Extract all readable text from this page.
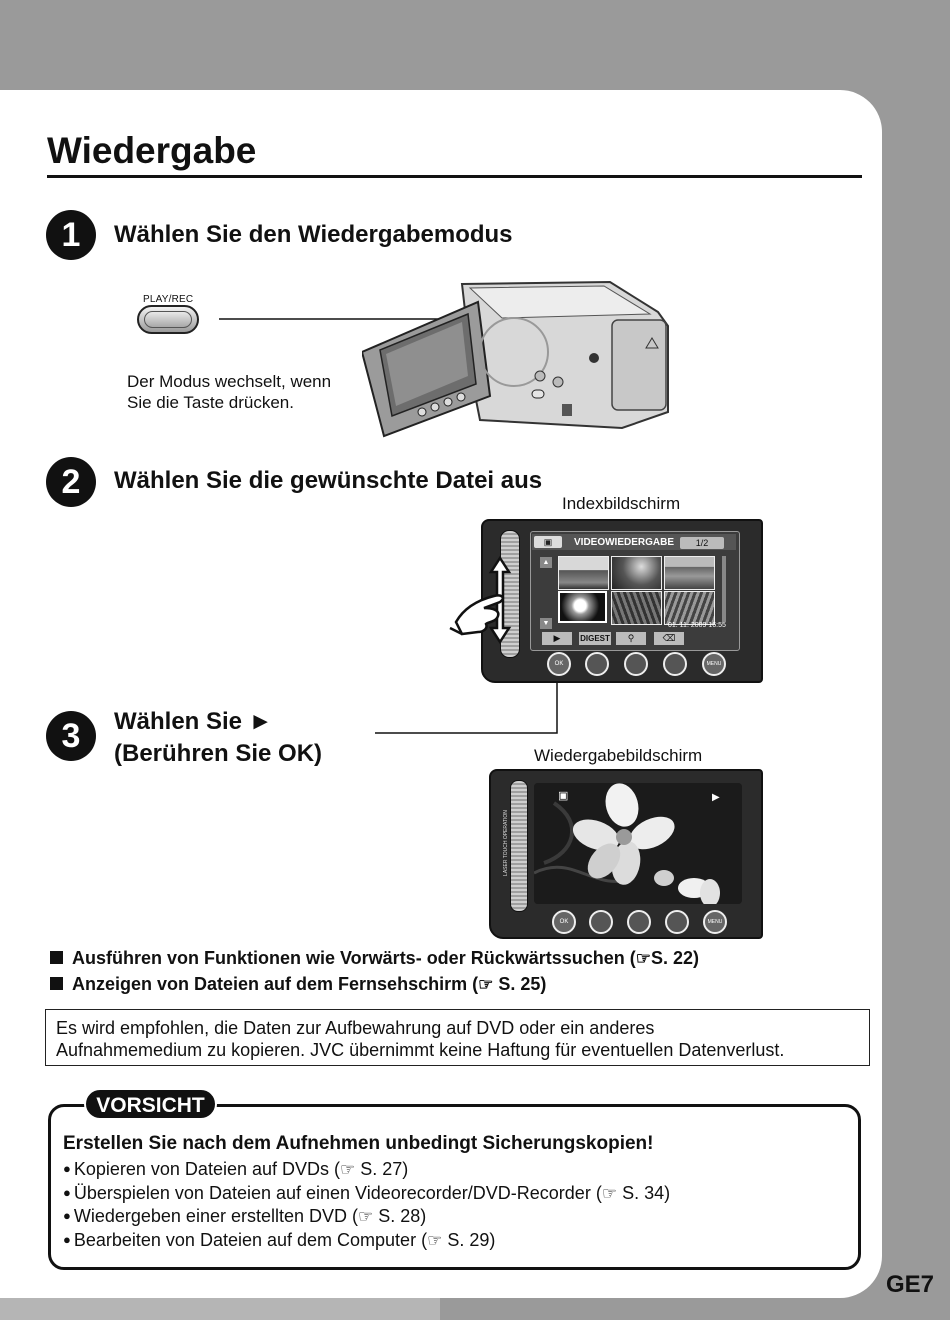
Wiedergabe
1	Wählen Sie den Wiedergabemodus
PLAY/REC
Der Modus wechselt, wenn
Sie die Taste drücken.
2	Wählen Sie die gewünschte Datei aus
Indexbildschirm
▣	VIDEOWIEDERGABE	1/2
▲
▼	01. 11. 2009 16:55
▶	DIGEST	⚲	⌫
OK	MENU
3	Wählen Sie ►
(Berühren Sie OK)	Wiedergabebildschirm
LASER TOUCH OPERATION
▣	▶
OK	MENU
Ausführen von Funktionen wie Vorwärts- oder Rückwärtssuchen (☞S. 22)
Anzeigen von Dateien auf dem Fernsehschirm (☞ S. 25)
Es wird empfohlen, die Daten zur Aufbewahrung auf DVD oder ein anderes
Aufnahmemedium zu kopieren. JVC übernimmt keine Haftung für eventuellen Datenverlust.
VORSICHT
Erstellen Sie nach dem Aufnehmen unbedingt Sicherungskopien!
● Kopieren von Dateien auf DVDs (☞ S. 27)
● Überspielen von Dateien auf einen Videorecorder/DVD-Recorder (☞ S. 34)
● Wiedergeben einer erstellten DVD (☞ S. 28)
● Bearbeiten von Dateien auf dem Computer (☞ S. 29)
GE7
